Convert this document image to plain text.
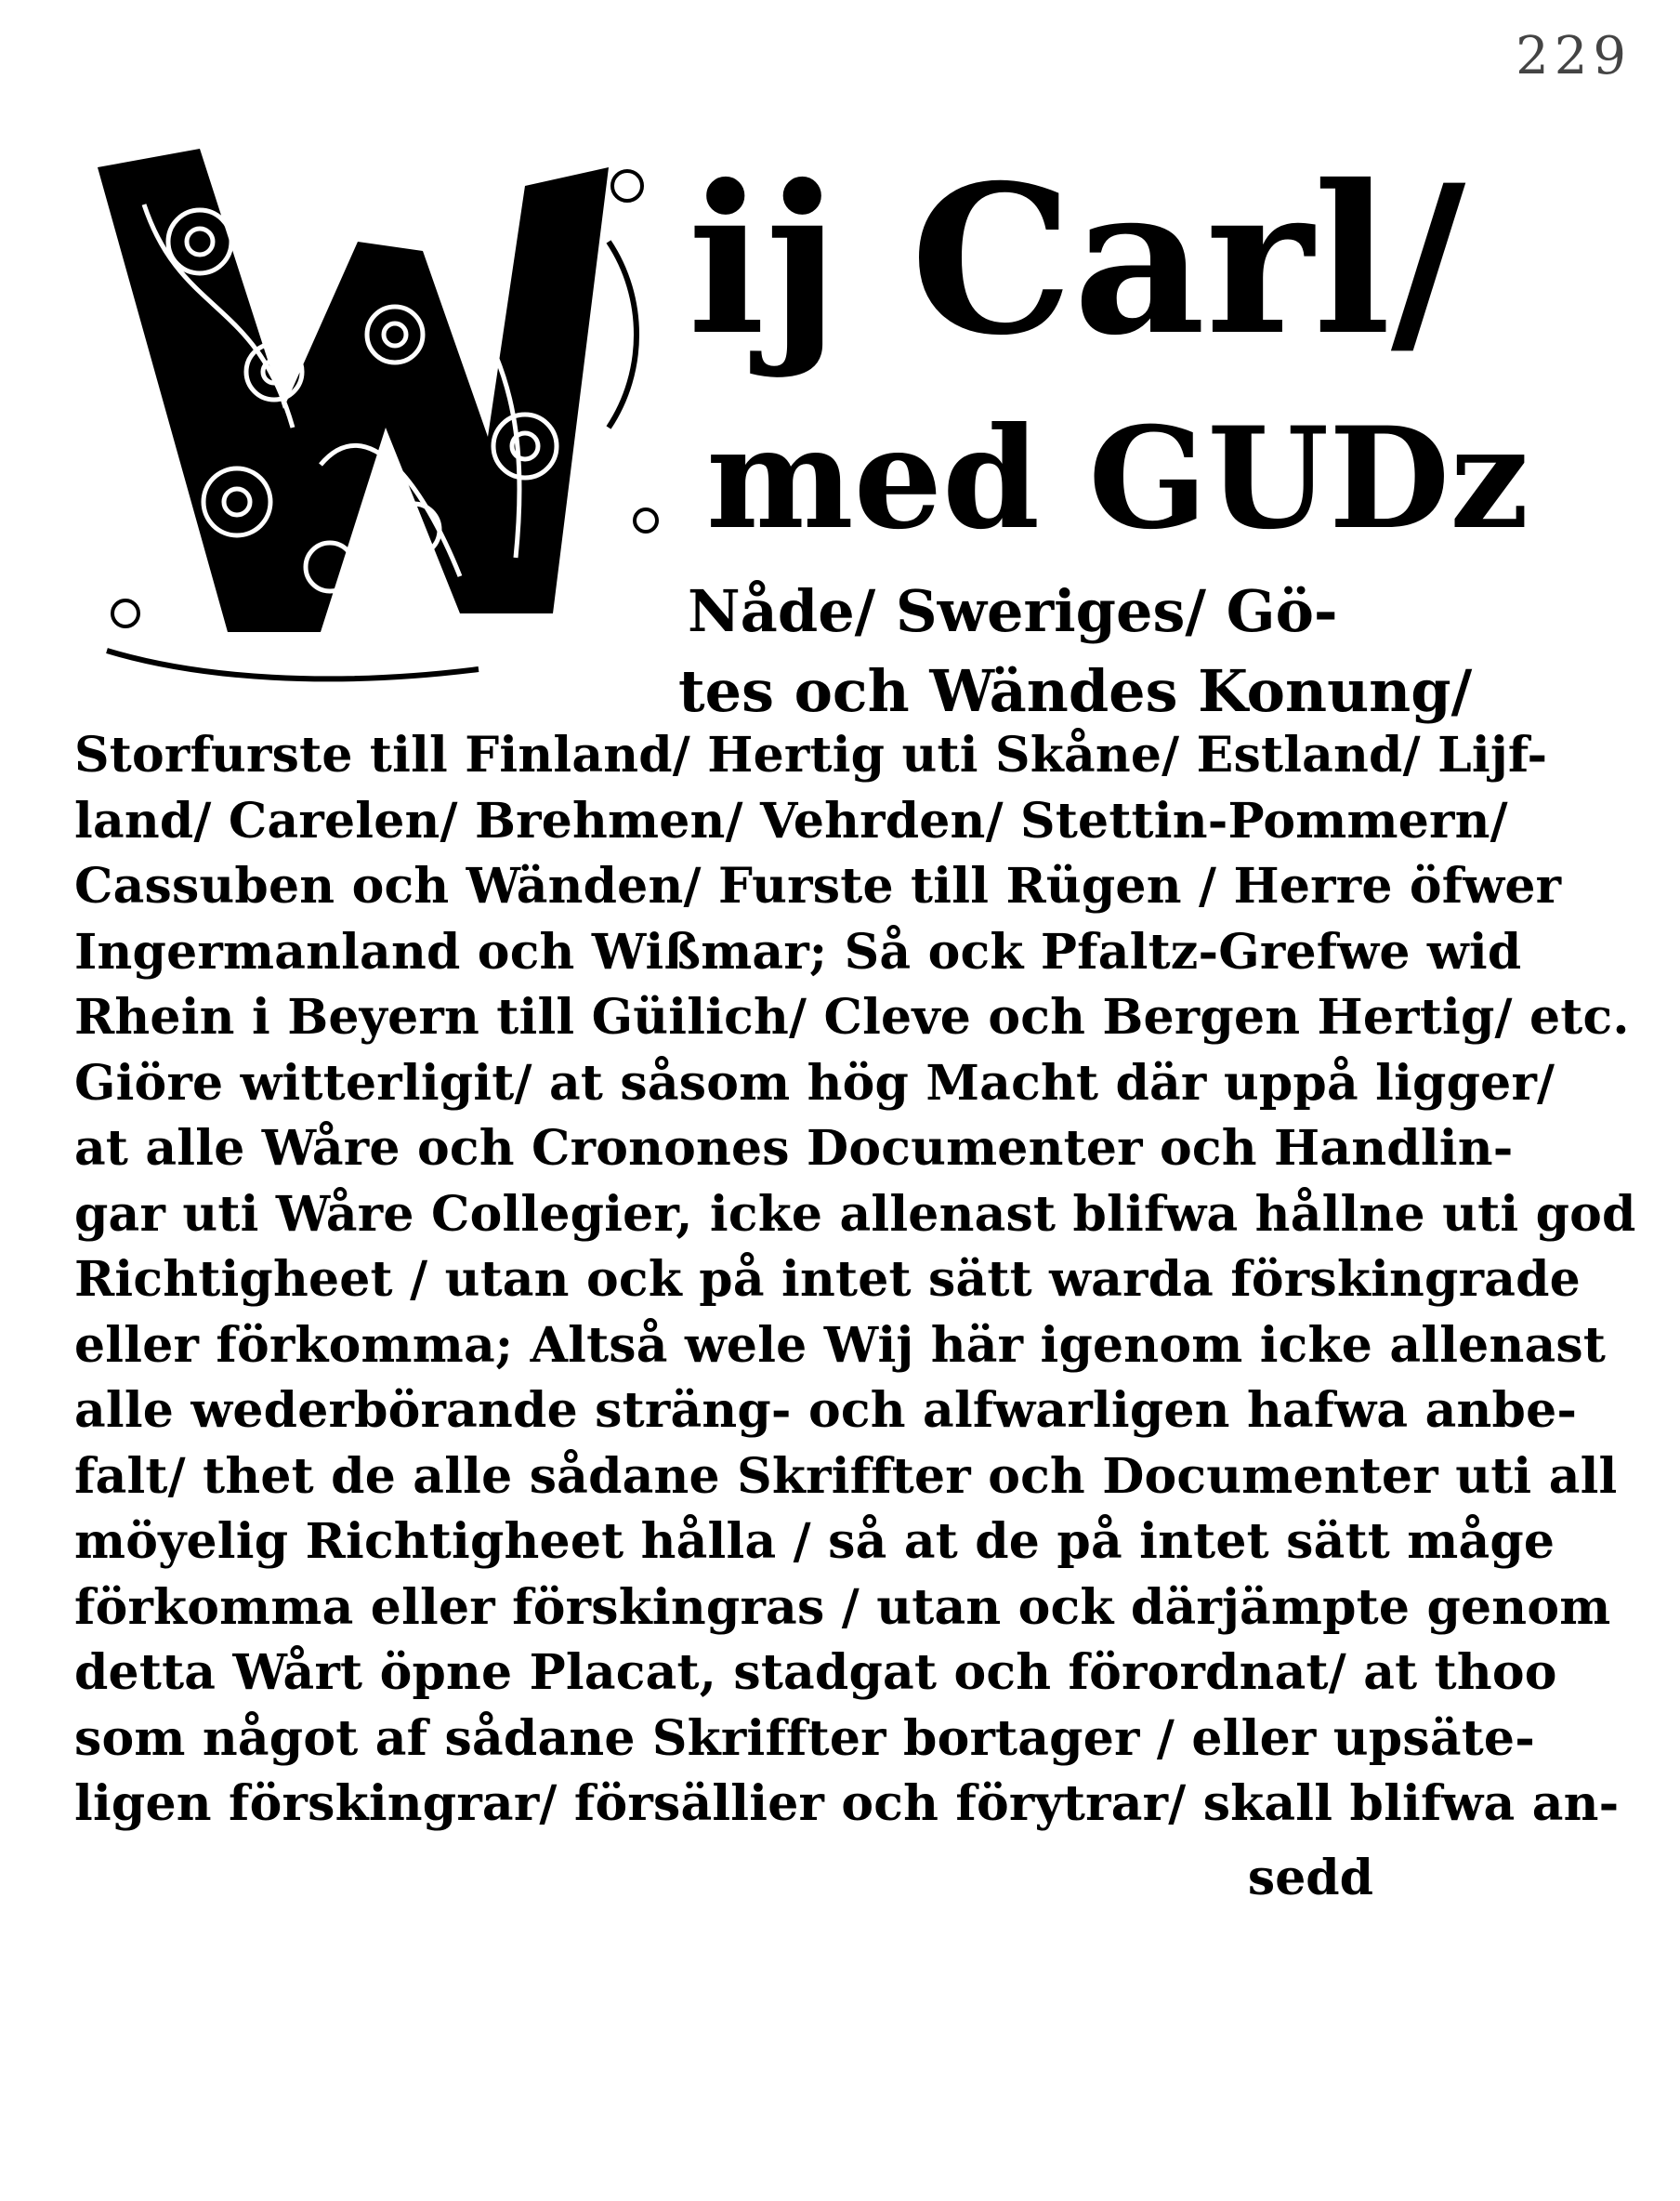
229
ij Carl/
med GUDz
Nåde/ Sweriges/ Gö-
tes och Wändes Konung/
Storfurste till Finland/ Hertig uti Skåne/ Estland/ Lijf-
land/ Carelen/ Brehmen/ Vehrden/ Stettin-Pommern/
Cassuben och Wänden/ Furste till Rügen / Herre öfwer
Ingermanland och Wißmar; Så ock Pfaltz-Grefwe wid
Rhein i Beyern till Güilich/ Cleve och Bergen Hertig/ etc.
Giöre witterligit/ at såsom hög Macht där uppå ligger/
at alle Wåre och Cronones Documenter och Handlin-
gar uti Wåre Collegier, icke allenast blifwa hållne uti god
Richtigheet / utan ock på intet sätt warda förskingrade
eller förkomma; Altså wele Wij här igenom icke allenast
alle wederbörande sträng- och alfwarligen hafwa anbe-
falt/ thet de alle sådane Skriffter och Documenter uti all
möyelig Richtigheet hålla / så at de på intet sätt måge
förkomma eller förskingras / utan ock därjämpte genom
detta Wårt öpne Placat, stadgat och förordnat/ at thoo
som något af sådane Skriffter bortager / eller upsäte-
ligen förskingrar/ försällier och förytrar/ skall blifwa an-
sedd
